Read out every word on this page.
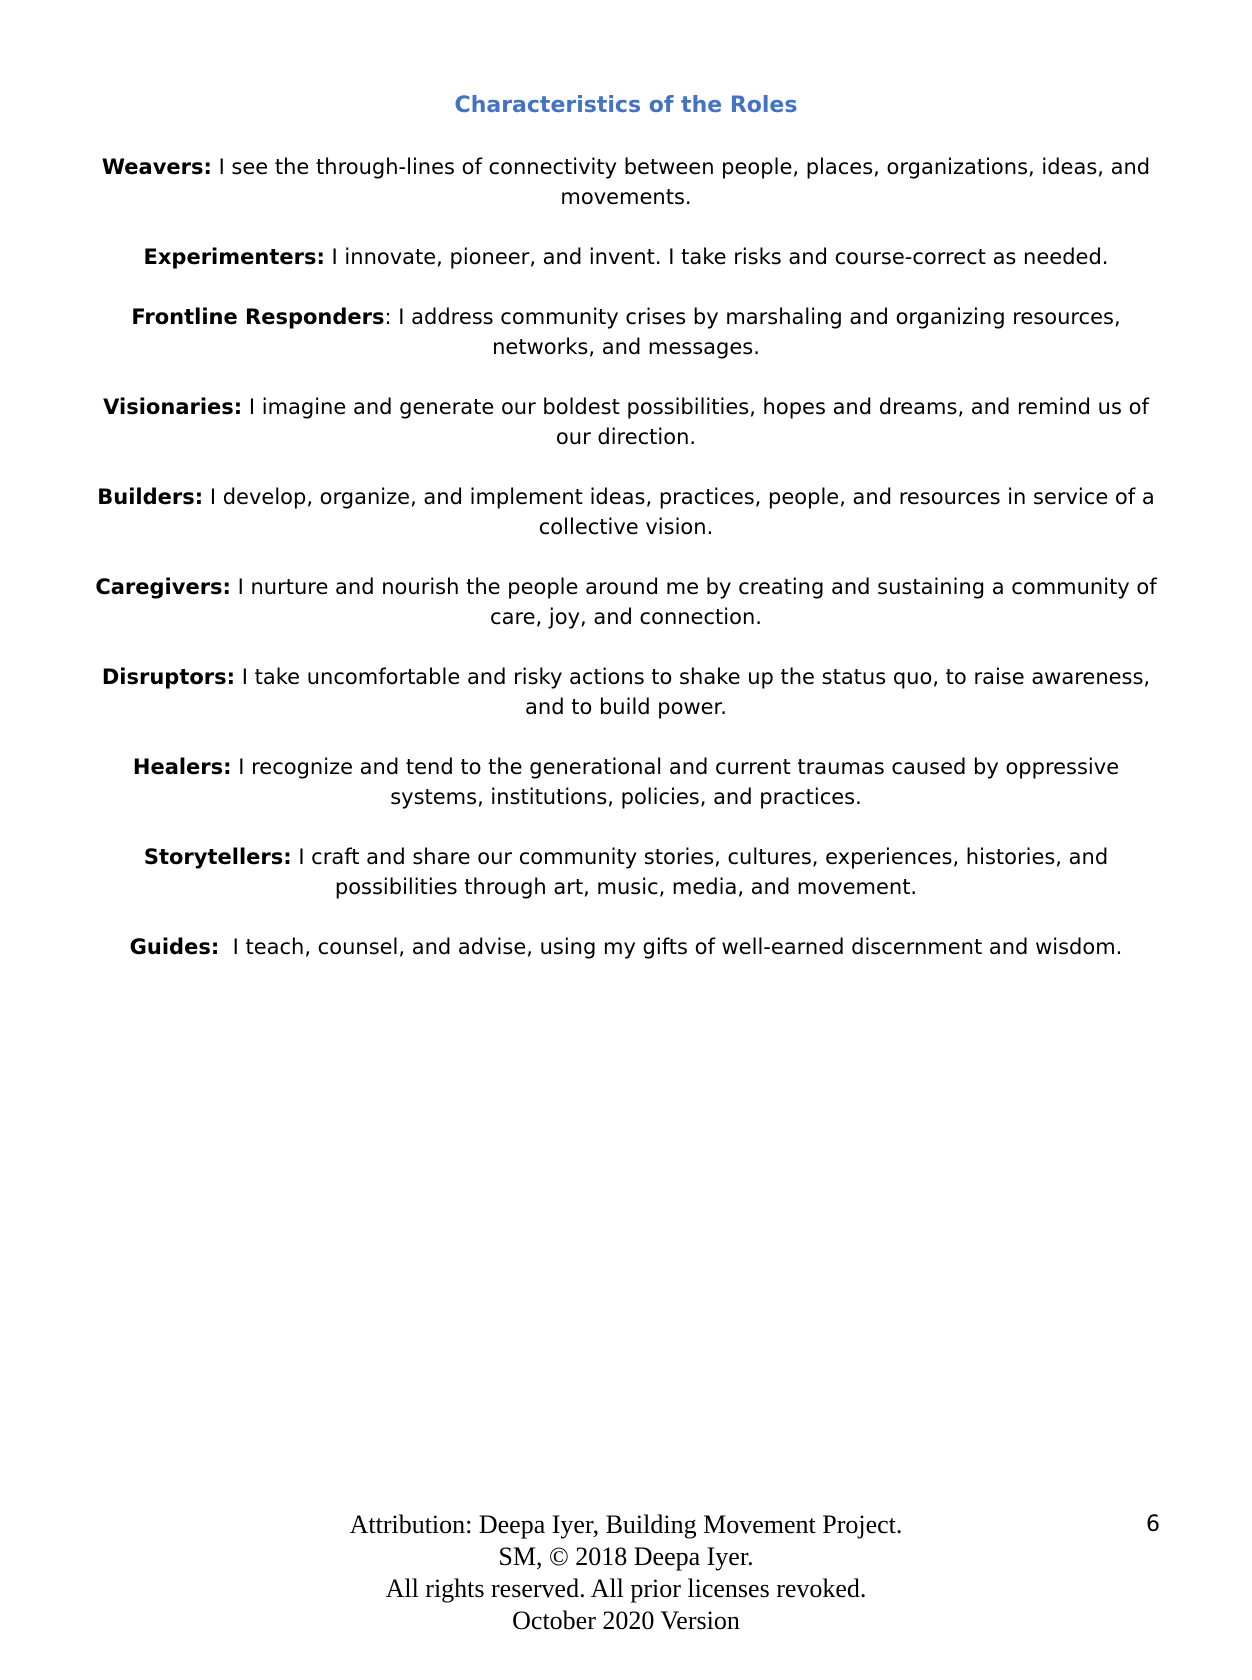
Characteristics of the Roles

Weavers: I see the through-lines of connectivity between people, places, organizations, ideas, and movements.

Experimenters: I innovate, pioneer, and invent. I take risks and course-correct as needed.

Frontline Responders: I address community crises by marshaling and organizing resources, networks, and messages.

Visionaries: I imagine and generate our boldest possibilities, hopes and dreams, and remind us of our direction.

Builders: I develop, organize, and implement ideas, practices, people, and resources in service of a collective vision.

Caregivers: I nurture and nourish the people around me by creating and sustaining a community of care, joy, and connection.

Disruptors: I take uncomfortable and risky actions to shake up the status quo, to raise awareness, and to build power.

Healers: I recognize and tend to the generational and current traumas caused by oppressive systems, institutions, policies, and practices.

Storytellers: I craft and share our community stories, cultures, experiences, histories, and possibilities through art, music, media, and movement.

Guides:  I teach, counsel, and advise, using my gifts of well-earned discernment and wisdom.

Attribution: Deepa Iyer, Building Movement Project.
SM, © 2018 Deepa Iyer.
All rights reserved. All prior licenses revoked.
October 2020 Version
6
